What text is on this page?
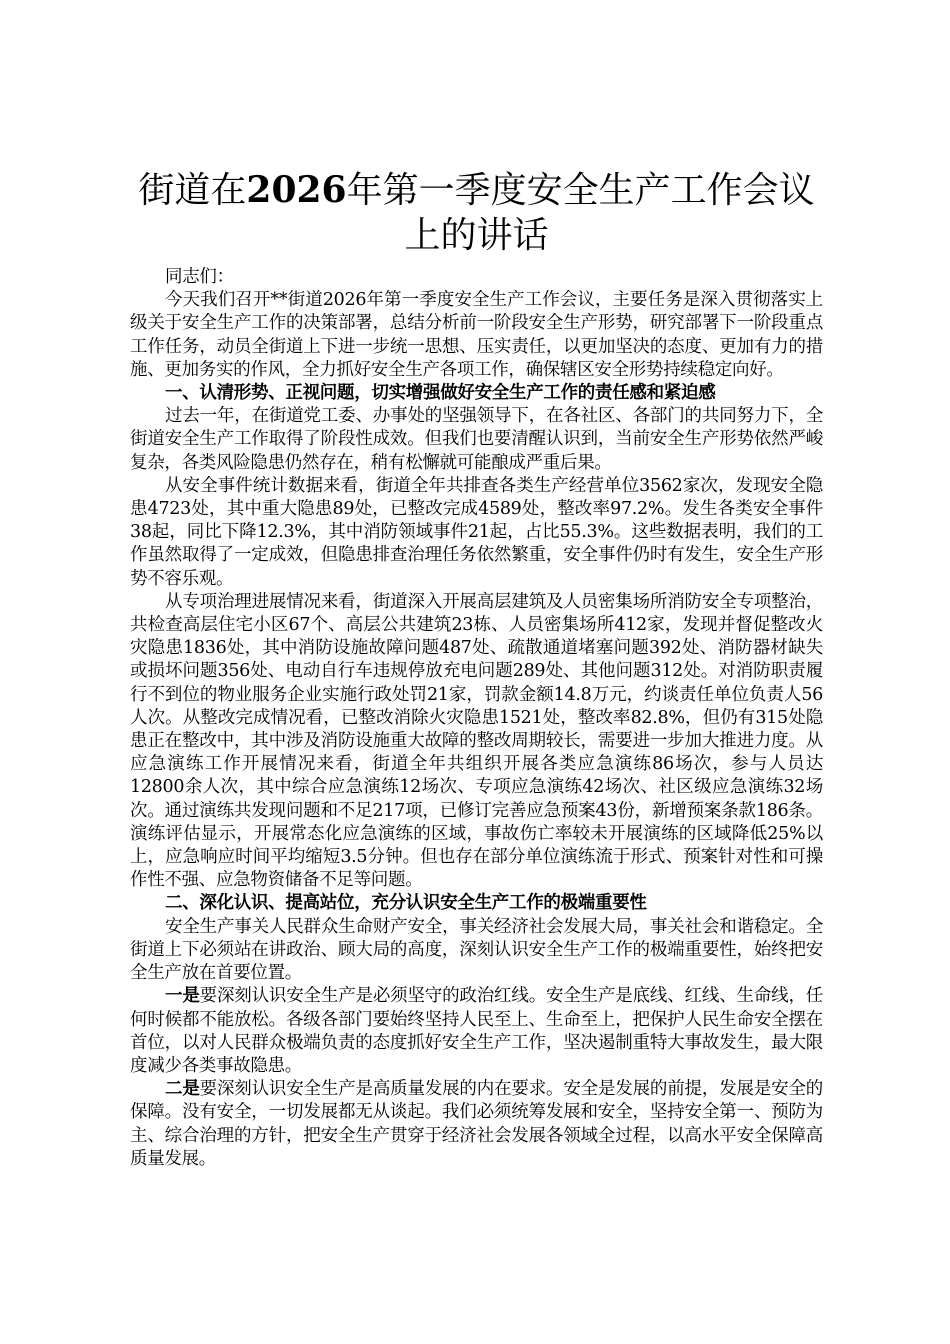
街道在2026年第一季度安全生产工作会议上的讲话

同志们：

今天我们召开**街道2026年第一季度安全生产工作会议，主要任务是深入贯彻落实上级关于安全生产工作的决策部署，总结分析前一阶段安全生产形势，研究部署下一阶段重点工作任务，动员全街道上下进一步统一思想、压实责任，以更加坚决的态度、更加有力的措施、更加务实的作风，全力抓好安全生产各项工作，确保辖区安全形势持续稳定向好。

一、认清形势、正视问题，切实增强做好安全生产工作的责任感和紧迫感

过去一年，在街道党工委、办事处的坚强领导下，在各社区、各部门的共同努力下，全街道安全生产工作取得了阶段性成效。但我们也要清醒认识到，当前安全生产形势依然严峻复杂，各类风险隐患仍然存在，稍有松懈就可能酿成严重后果。

从安全事件统计数据来看，街道全年共排查各类生产经营单位3562家次，发现安全隐患4723处，其中重大隐患89处，已整改完成4589处，整改率97.2%。发生各类安全事件38起，同比下降12.3%，其中消防领域事件21起，占比55.3%。这些数据表明，我们的工作虽然取得了一定成效，但隐患排查治理任务依然繁重，安全事件仍时有发生，安全生产形势不容乐观。

从专项治理进展情况来看，街道深入开展高层建筑及人员密集场所消防安全专项整治，共检查高层住宅小区67个、高层公共建筑23栋、人员密集场所412家，发现并督促整改火灾隐患1836处，其中消防设施故障问题487处、疏散通道堵塞问题392处、消防器材缺失或损坏问题356处、电动自行车违规停放充电问题289处、其他问题312处。对消防职责履行不到位的物业服务企业实施行政处罚21家，罚款金额14.8万元，约谈责任单位负责人56人次。从整改完成情况看，已整改消除火灾隐患1521处，整改率82.8%，但仍有315处隐患正在整改中，其中涉及消防设施重大故障的整改周期较长，需要进一步加大推进力度。从应急演练工作开展情况来看，街道全年共组织开展各类应急演练86场次，参与人员达12800余人次，其中综合应急演练12场次、专项应急演练42场次、社区级应急演练32场次。通过演练共发现问题和不足217项，已修订完善应急预案43份，新增预案条款186条。演练评估显示，开展常态化应急演练的区域，事故伤亡率较未开展演练的区域降低25%以上，应急响应时间平均缩短3.5分钟。但也存在部分单位演练流于形式、预案针对性和可操作性不强、应急物资储备不足等问题。

二、深化认识、提高站位，充分认识安全生产工作的极端重要性

安全生产事关人民群众生命财产安全，事关经济社会发展大局，事关社会和谐稳定。全街道上下必须站在讲政治、顾大局的高度，深刻认识安全生产工作的极端重要性，始终把安全生产放在首要位置。

一是要深刻认识安全生产是必须坚守的政治红线。安全生产是底线、红线、生命线，任何时候都不能放松。各级各部门要始终坚持人民至上、生命至上，把保护人民生命安全摆在首位，以对人民群众极端负责的态度抓好安全生产工作，坚决遏制重特大事故发生，最大限度减少各类事故隐患。

二是要深刻认识安全生产是高质量发展的内在要求。安全是发展的前提，发展是安全的保障。没有安全，一切发展都无从谈起。我们必须统筹发展和安全，坚持安全第一、预防为主、综合治理的方针，把安全生产贯穿于经济社会发展各领域全过程，以高水平安全保障高质量发展。
